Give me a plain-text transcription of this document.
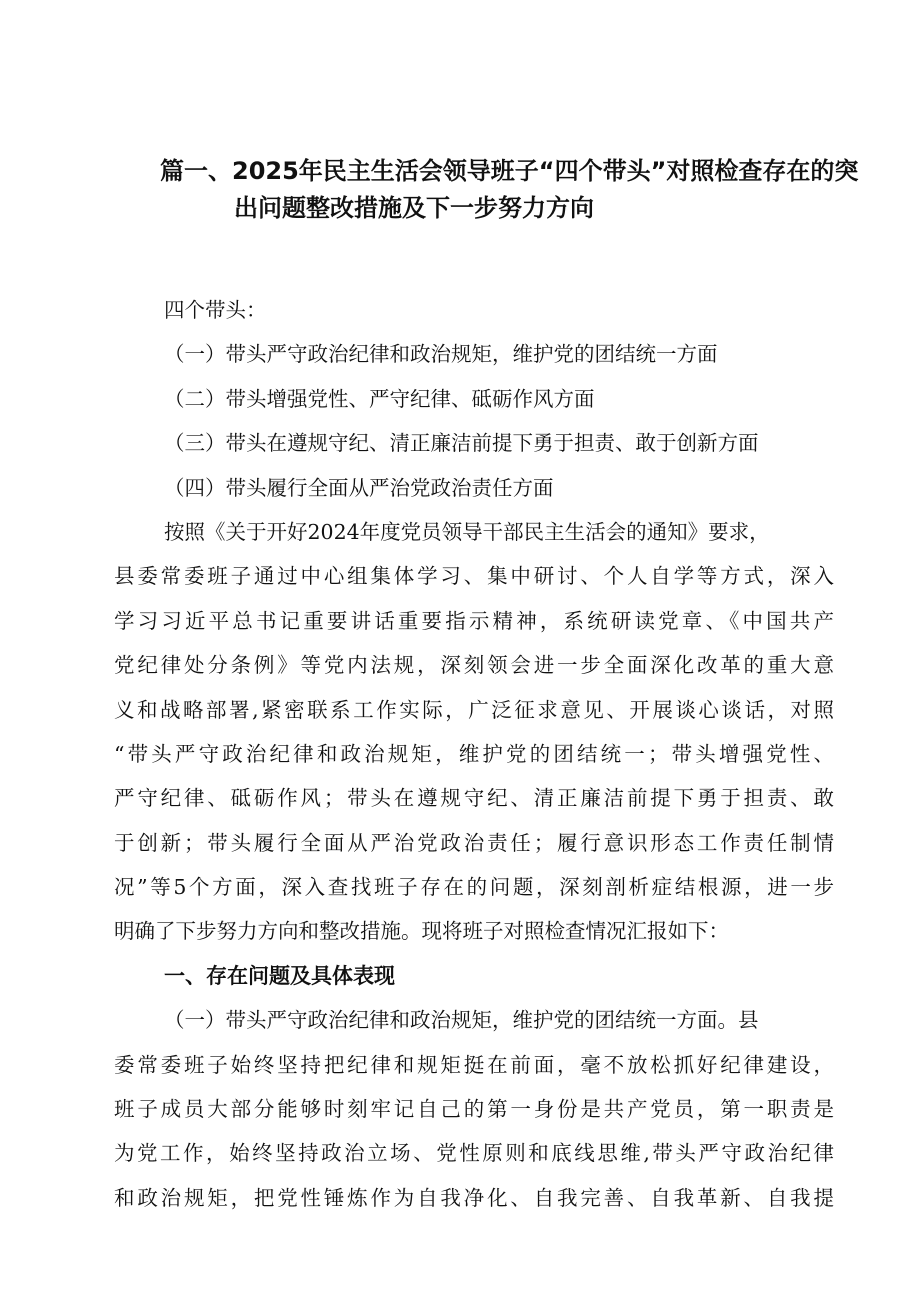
篇一、2025年民主生活会领导班子“四个带头”对照检查存在的突
出问题整改措施及下一步努力方向
四个带头：
（一）带头严守政治纪律和政治规矩，维护党的团结统一方面
（二）带头增强党性、严守纪律、砥砺作风方面
（三）带头在遵规守纪、清正廉洁前提下勇于担责、敢于创新方面
（四）带头履行全面从严治党政治责任方面
按照《关于开好2024年度党员领导干部民主生活会的通知》要求，
县委常委班子通过中心组集体学习、集中研讨、个人自学等方式，深入
学习习近平总书记重要讲话重要指示精神，系统研读党章、《中国共产
党纪律处分条例》等党内法规，深刻领会进一步全面深化改革的重大意
义和战略部署,紧密联系工作实际，广泛征求意见、开展谈心谈话，对照
“带头严守政治纪律和政治规矩，维护党的团结统一；带头增强党性、
严守纪律、砥砺作风；带头在遵规守纪、清正廉洁前提下勇于担责、敢
于创新；带头履行全面从严治党政治责任；履行意识形态工作责任制情
况”等5个方面，深入查找班子存在的问题，深刻剖析症结根源，进一步
明确了下步努力方向和整改措施。现将班子对照检查情况汇报如下：
一、存在问题及具体表现
（一）带头严守政治纪律和政治规矩，维护党的团结统一方面。县
委常委班子始终坚持把纪律和规矩挺在前面，毫不放松抓好纪律建设，
班子成员大部分能够时刻牢记自己的第一身份是共产党员，第一职责是
为党工作，始终坚持政治立场、党性原则和底线思维,带头严守政治纪律
和政治规矩，把党性锤炼作为自我净化、自我完善、自我革新、自我提
